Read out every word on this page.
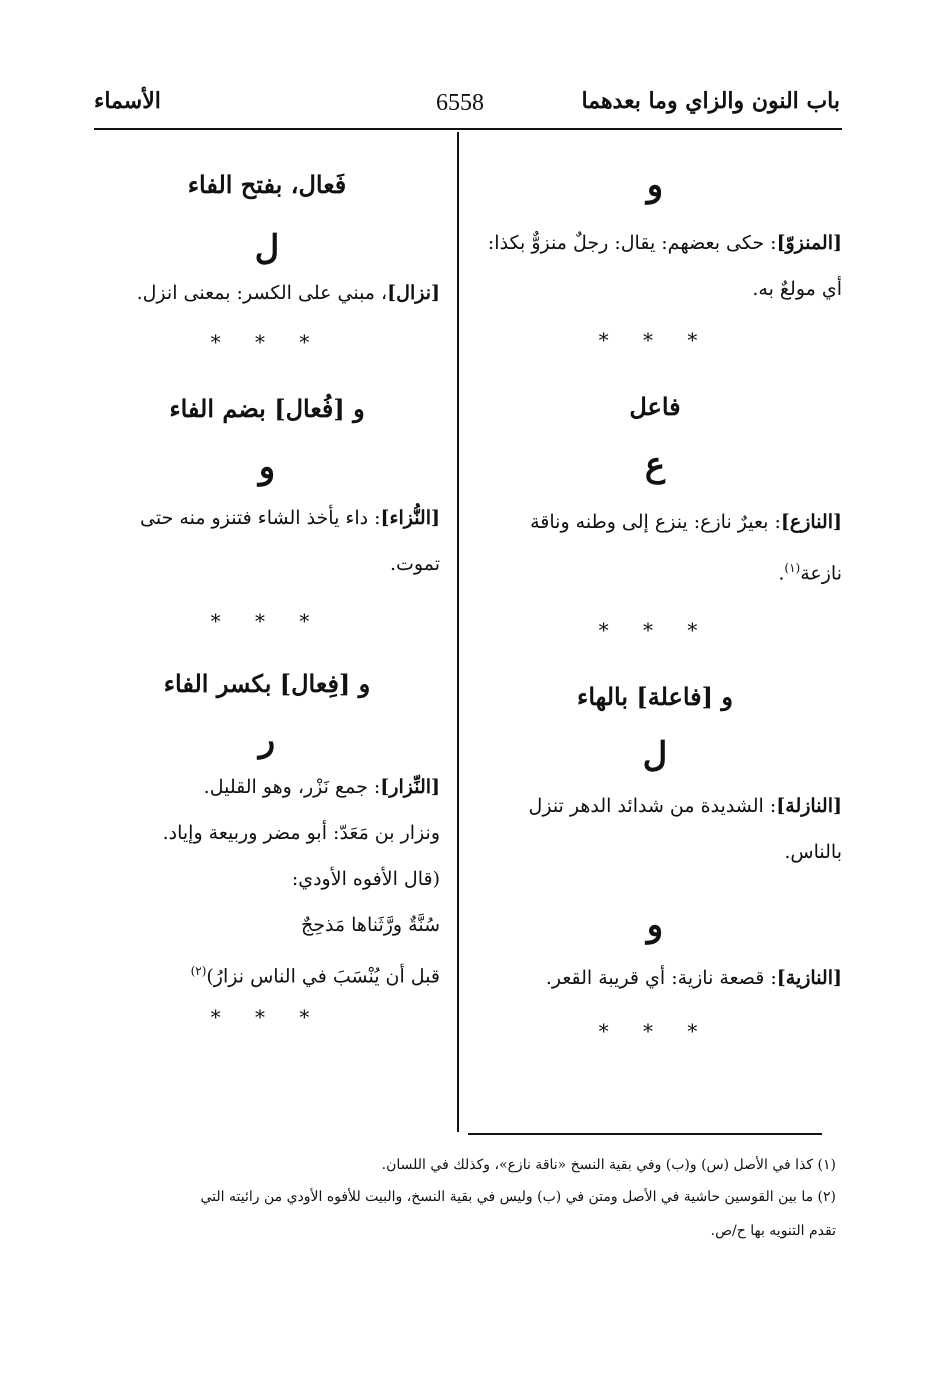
باب النون والزاي وما بعدهما
6558
الأسماء

و

[المنزوّ]: حكى بعضهم: يقال: رجلٌ منزوٌّ بكذا: أي مولعٌ به.

* * *

فاعل

ع

[النازع]: بعيرٌ نازع: ينزع إلى وطنه وناقة نازعة$^{(١)}$.

* * *

و [فاعلة] بالهاء

ل

[النازلة]: الشديدة من شدائد الدهر تنزل بالناس.

و

[النازية]: قصعة نازية: أي قريبة القعر.

* * *

فَعال، بفتح الفاء

ل

[نزال]، مبني على الكسر: بمعنى انزل.

* * *

و [فُعال] بضم الفاء

و

[النُّزاء]: داء يأخذ الشاء فتنزو منه حتى تموت.

* * *

و [فِعال] بكسر الفاء

ر

[النِّزار]: جمع نَزْر، وهو القليل.

ونزار بن مَعَدّ: أبو مضر وربيعة وإياد.

(قال الأفوه الأودي:

سُنَّةٌ ورَّثَناها مَذحِجٌ

قبل أن يُنْسَبَ في الناس نزارُ)$^{(٢)}$

* * *

(١) كذا في الأصل (س) و(ب) وفي بقية النسخ «ناقة نازع»، وكذلك في اللسان.
(٢) ما بين القوسين حاشية في الأصل ومتن في (ب) وليس في بقية النسخ، والبيت للأفوه الأودي من رائيته التي
تقدم التنويه بها ح/ص.
